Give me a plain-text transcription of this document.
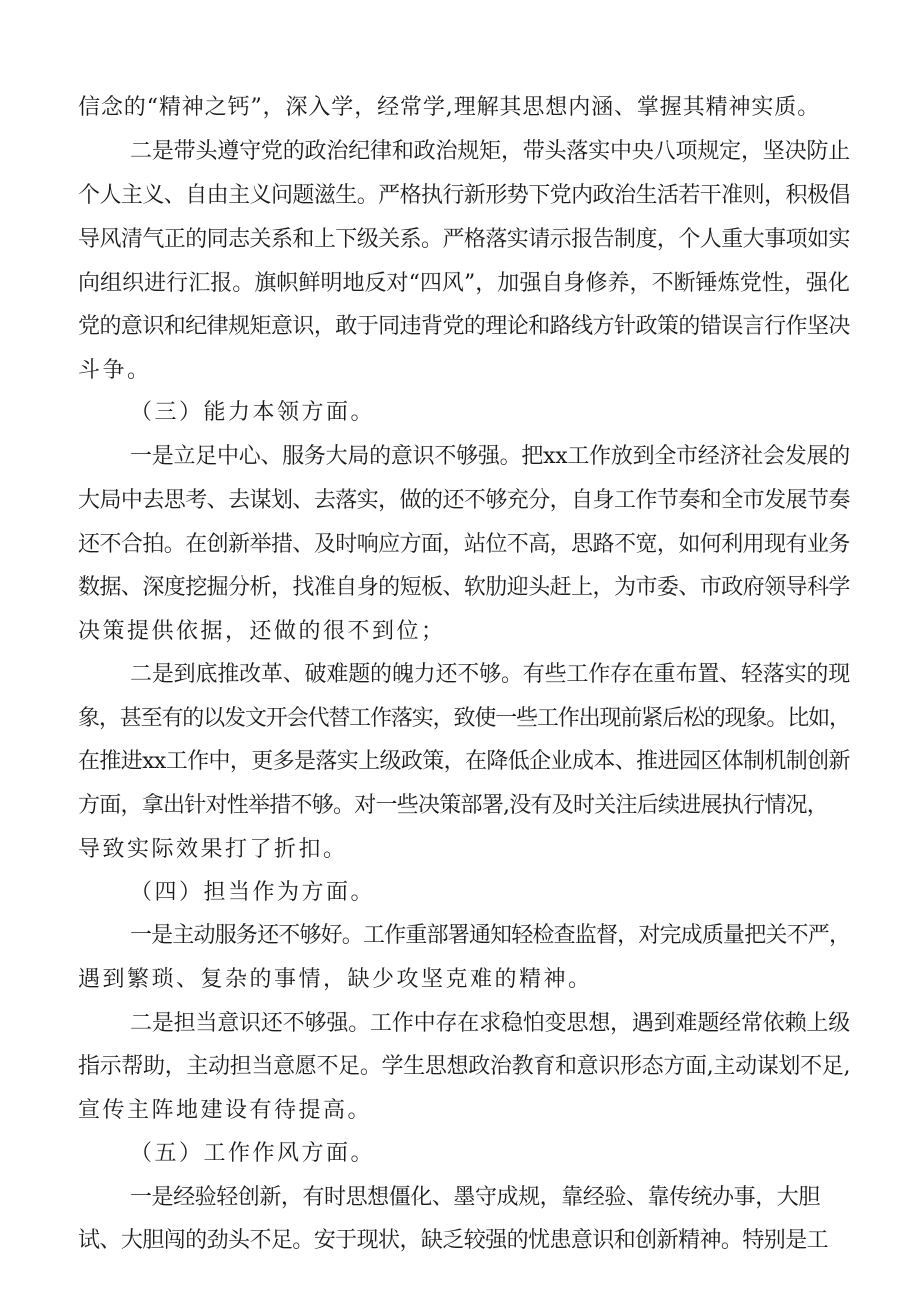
信念的“精神之钙”，深入学，经常学,理解其思想内涵、掌握其精神实质。
二是带头遵守党的政治纪律和政治规矩，带头落实中央八项规定，坚决防止
个人主义、自由主义问题滋生。严格执行新形势下党内政治生活若干准则，积极倡
导风清气正的同志关系和上下级关系。严格落实请示报告制度，个人重大事项如实
向组织进行汇报。旗帜鲜明地反对“四风”，加强自身修养，不断锤炼党性，强化
党的意识和纪律规矩意识，敢于同违背党的理论和路线方针政策的错误言行作坚决
斗争。
（三）能力本领方面。
一是立足中心、服务大局的意识不够强。把xx工作放到全市经济社会发展的
大局中去思考、去谋划、去落实，做的还不够充分，自身工作节奏和全市发展节奏
还不合拍。在创新举措、及时响应方面，站位不高，思路不宽，如何利用现有业务
数据、深度挖掘分析，找准自身的短板、软肋迎头赶上，为市委、市政府领导科学
决策提供依据，还做的很不到位；
二是到底推改革、破难题的魄力还不够。有些工作存在重布置、轻落实的现
象，甚至有的以发文开会代替工作落实，致使一些工作出现前紧后松的现象。比如，
在推进xx工作中，更多是落实上级政策，在降低企业成本、推进园区体制机制创新
方面，拿出针对性举措不够。对一些决策部署,没有及时关注后续进展执行情况，
导致实际效果打了折扣。
（四）担当作为方面。
一是主动服务还不够好。工作重部署通知轻检查监督，对完成质量把关不严，
遇到繁琐、复杂的事情，缺少攻坚克难的精神。
二是担当意识还不够强。工作中存在求稳怕变思想，遇到难题经常依赖上级
指示帮助，主动担当意愿不足。学生思想政治教育和意识形态方面,主动谋划不足,
宣传主阵地建设有待提高。
（五）工作作风方面。
一是经验轻创新，有时思想僵化、墨守成规，靠经验、靠传统办事，大胆
试、大胆闯的劲头不足。安于现状，缺乏较强的忧患意识和创新精神。特别是工
